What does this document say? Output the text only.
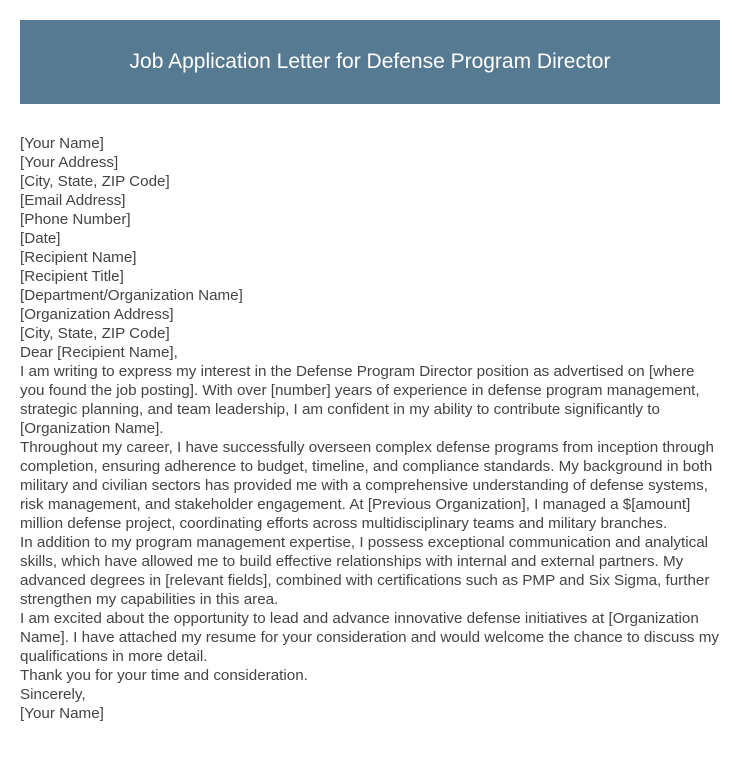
Job Application Letter for Defense Program Director
[Your Name]
[Your Address]
[City, State, ZIP Code]
[Email Address]
[Phone Number]
[Date]
[Recipient Name]
[Recipient Title]
[Department/Organization Name]
[Organization Address]
[City, State, ZIP Code]

Dear [Recipient Name],

I am writing to express my interest in the Defense Program Director position as advertised on [where you found the job posting]. With over [number] years of experience in defense program management, strategic planning, and team leadership, I am confident in my ability to contribute significantly to [Organization Name].

Throughout my career, I have successfully overseen complex defense programs from inception through completion, ensuring adherence to budget, timeline, and compliance standards. My background in both military and civilian sectors has provided me with a comprehensive understanding of defense systems, risk management, and stakeholder engagement. At [Previous Organization], I managed a $[amount] million defense project, coordinating efforts across multidisciplinary teams and military branches.

In addition to my program management expertise, I possess exceptional communication and analytical skills, which have allowed me to build effective relationships with internal and external partners. My advanced degrees in [relevant fields], combined with certifications such as PMP and Six Sigma, further strengthen my capabilities in this area.

I am excited about the opportunity to lead and advance innovative defense initiatives at [Organization Name]. I have attached my resume for your consideration and would welcome the chance to discuss my qualifications in more detail.

Thank you for your time and consideration.

Sincerely,

[Your Name]
